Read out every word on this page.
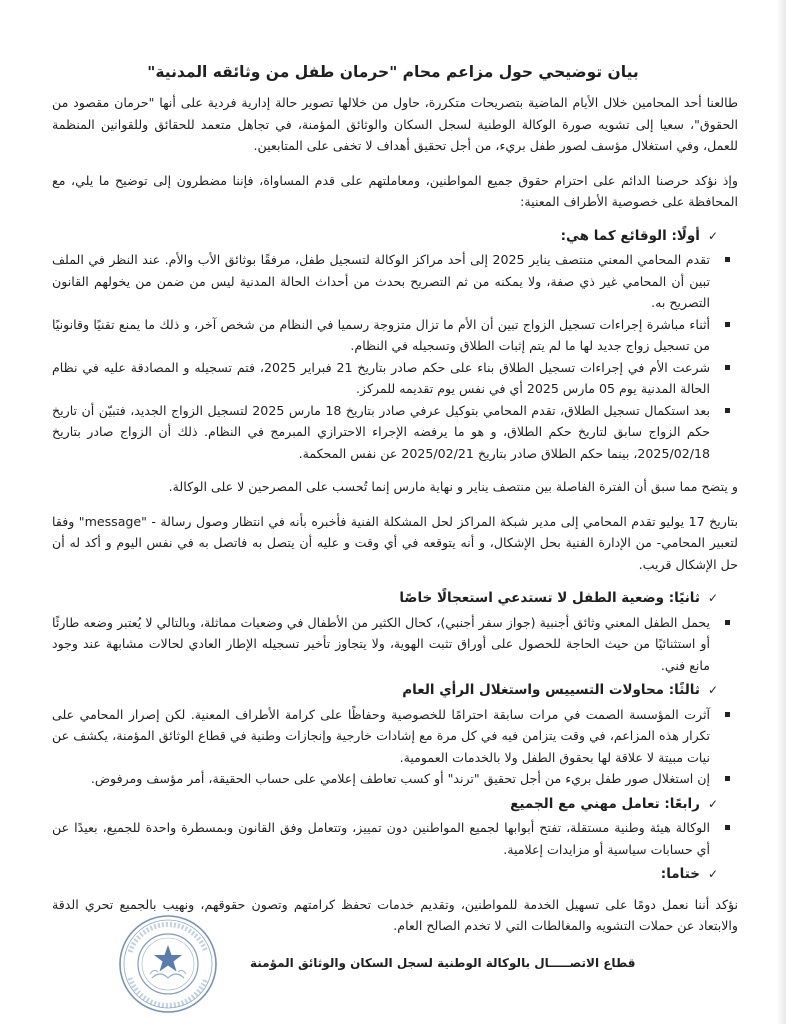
بيان توضيحي حول مزاعم محام "حرمان طفل من وثائقه المدنية"

طالعنا أحد المحامين خلال الأيام الماضية بتصريحات متكررة، حاول من خلالها تصوير حالة إدارية فردية على أنها "حرمان مقصود من الحقوق"، سعيا إلى تشويه صورة الوكالة الوطنية لسجل السكان والوثائق المؤمنة، في تجاهل متعمد للحقائق وللقوانين المنظمة للعمل، وفي استغلال مؤسف لصور طفل بريء، من أجل تحقيق أهداف لا تخفى على المتابعين.

وإذ نؤكد حرصنا الدائم على احترام حقوق جميع المواطنين، ومعاملتهم على قدم المساواة، فإننا مضطرون إلى توضيح ما يلي، مع المحافظة على خصوصية الأطراف المعنية:

✓
أولًا: الوقائع كما هي:
تقدم المحامي المعني منتصف يناير 2025 إلى أحد مراكز الوكالة لتسجيل طفل، مرفقًا بوثائق الأب والأم. عند النظر في الملف تبين أن المحامي غير ذي صفة، ولا يمكنه من ثم التصريح بحدث من أحداث الحالة المدنية ليس من ضمن من يخولهم القانون التصريح به.
أثناء مباشرة إجراءات تسجيل الزواج تبين أن الأم ما تزال متزوجة رسميا في النظام من شخص آخر، و ذلك ما يمنع تقنيًا وقانونيًا من تسجيل زواج جديد لها ما لم يتم إثبات الطلاق وتسجيله في النظام.
شرعت الأم في إجراءات تسجيل الطلاق بناء على حكم صادر بتاريخ 21 فبراير 2025، فتم تسجيله و المصادقة عليه في نظام الحالة المدنية يوم 05 مارس 2025 أي في نفس يوم تقديمه للمركز.
بعد استكمال تسجيل الطلاق، تقدم المحامي بتوكيل عرفي صادر بتاريخ 18 مارس 2025 لتسجيل الزواج الجديد، فتبيّن أن تاريخ حكم الزواج سابق لتاريخ حكم الطلاق، و هو ما يرفضه الإجراء الاحترازي المبرمج في النظام. ذلك أن الزواج صادر بتاريخ 2025/02/18، بينما حكم الطلاق صادر بتاريخ 2025/02/21 عن نفس المحكمة.

و يتضح مما سبق أن الفترة الفاصلة بين منتصف يناير و نهاية مارس إنما تُحسب على المصرحين لا على الوكالة.

بتاريخ 17 يوليو تقدم المحامي إلى مدير شبكة المراكز لحل المشكلة الفنية فأخبره بأنه في انتظار وصول رسالة - "message" وفقا لتعبير المحامي- من الإدارة الفنية بحل الإشكال، و أنه يتوقعه في أي وقت و عليه أن يتصل به فاتصل به في نفس اليوم و أكد له أن حل الإشكال قريب.

✓
ثانيًا: وضعية الطفل لا تستدعي استعجالًا خاصًا
يحمل الطفل المعني وثائق أجنبية (جواز سفر أجنبي)، كحال الكثير من الأطفال في وضعيات مماثلة، وبالتالي لا يُعتبر وضعه طارئًا أو استثنائيًا من حيث الحاجة للحصول على أوراق تثبت الهوية، ولا يتجاوز تأخير تسجيله الإطار العادي لحالات مشابهة عند وجود مانع فني.
✓
ثالثًا: محاولات التسييس واستغلال الرأي العام
آثرت المؤسسة الصمت في مرات سابقة احترامًا للخصوصية وحفاظًا على كرامة الأطراف المعنية. لكن إصرار المحامي على تكرار هذه المزاعم، في وقت يتزامن فيه في كل مرة مع إشادات خارجية وإنجازات وطنية في قطاع الوثائق المؤمنة، يكشف عن نيات مبيتة لا علاقة لها بحقوق الطفل ولا بالخدمات العمومية.
إن استغلال صور طفل بريء من أجل تحقيق "ترند" أو كسب تعاطف إعلامي على حساب الحقيقة، أمر مؤسف ومرفوض.
✓
رابعًا: تعامل مهني مع الجميع
الوكالة هيئة وطنية مستقلة، تفتح أبوابها لجميع المواطنين دون تمييز، وتتعامل وفق القانون وبمسطرة واحدة للجميع، بعيدًا عن أي حسابات سياسية أو مزايدات إعلامية.
✓
ختاما:

نؤكد أننا نعمل دومًا على تسهيل الخدمة للمواطنين، وتقديم خدمات تحفظ كرامتهم وتصون حقوقهم، ونهيب بالجميع تحري الدقة والابتعاد عن حملات التشويه والمغالطات التي لا تخدم الصالح العام.

قطاع الاتصـــــال بالوكالة الوطنية لسجل السكان والوثائق المؤمنة
